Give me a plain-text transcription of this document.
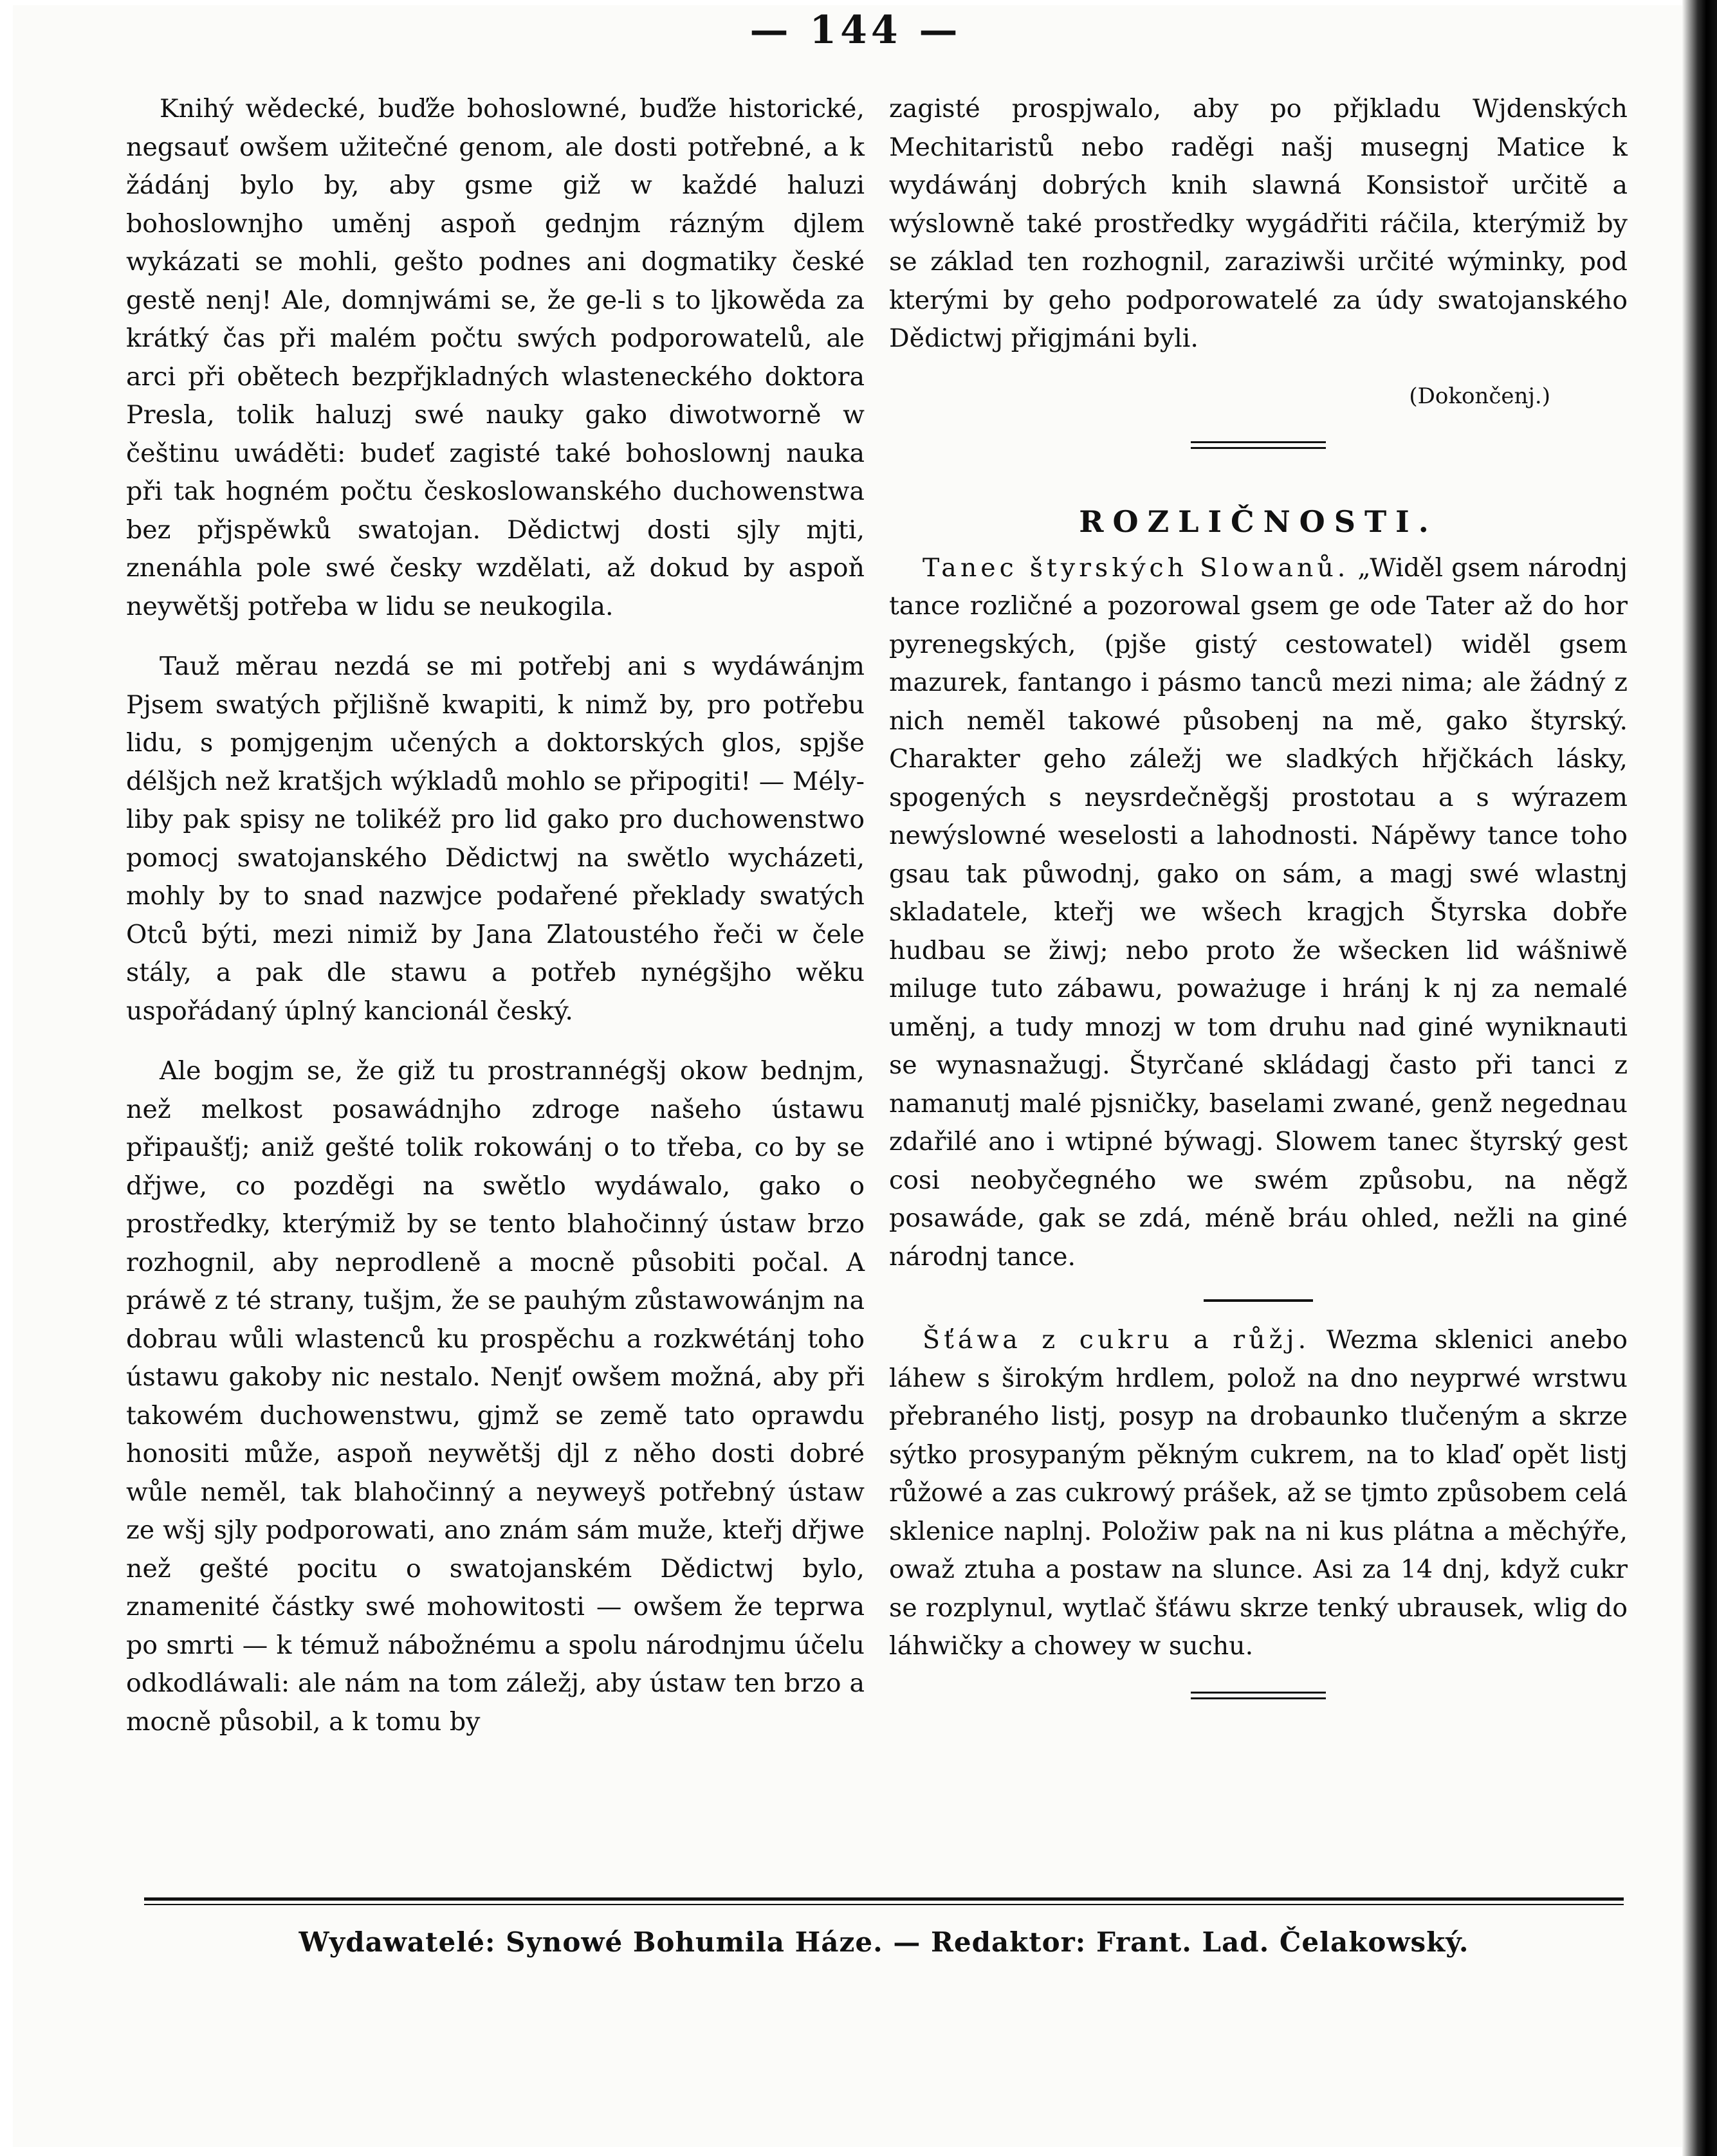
— 144 —

Knihý wědecké, buďže bohoslowné, buďže historické, negsauť owšem užitečné genom, ale dosti potřebné, a k žádánj bylo by, aby gsme giž w každé haluzi bohoslownjho uměnj aspoň gednjm rázným djlem wykázati se mohli, gešto podnes ani dogmatiky české gestě nenj! Ale, domnjwámi se, že ge-li s to ljkowěda za krátký čas při malém počtu swých podporowatelů, ale arci při obětech bezpřjkladných wlasteneckého doktora Presla, tolik haluzj swé nauky gako diwotworně w češtinu uwáděti: budeť zagisté také bohoslownj nauka při tak hogném počtu českoslowanského duchowenstwa bez přjspěwků swatojan. Dědictwj dosti sjly mjti, znenáhla pole swé česky wzdělati, až dokud by aspoň neywětšj potřeba w lidu se neukogila.

Tauž měrau nezdá se mi potřebj ani s wydáwánjm Pjsem swatých přjlišně kwapiti, k nimž by, pro potřebu lidu, s pomjgenjm učených a doktorských glos, spjše délšjch než kratšjch wýkladů mohlo se připogiti! — Mély-liby pak spisy ne tolikéž pro lid gako pro duchowenstwo pomocj swatojanského Dědictwj na swětlo wycházeti, mohly by to snad nazwjce podařené překlady swatých Otců býti, mezi nimiž by Jana Zlatoustého řeči w čele stály, a pak dle stawu a potřeb nynégšjho wěku uspořádaný úplný kancionál český.

Ale bogjm se, že giž tu prostrannégšj okow bednjm, než melkost posawádnjho zdroge našeho ústawu připaušťj; aniž gešté tolik rokowánj o to třeba, co by se dřjwe, co pozděgi na swětlo wydáwalo, gako o prostředky, kterýmiž by se tento blahočinný ústaw brzo rozhognil, aby neprodleně a mocně působiti počal. A práwě z té strany, tušjm, že se pauhým zůstawowánjm na dobrau wůli wlastenců ku prospěchu a rozkwétánj toho ústawu gakoby nic nestalo. Nenjť owšem možná, aby při takowém duchowenstwu, gjmž se země tato oprawdu honositi může, aspoň neywětšj djl z něho dosti dobré wůle neměl, tak blahočinný a neyweyš potřebný ústaw ze wšj sjly podporowati, ano znám sám muže, kteřj dřjwe než gešté pocitu o swatojanském Dědictwj bylo, znamenité částky swé mohowitosti — owšem že teprwa po smrti — k témuž nábožnému a spolu národnjmu účelu odkodláwali: ale nám na tom záležj, aby ústaw ten brzo a mocně působil, a k tomu by

zagisté prospjwalo, aby po přjkladu Wjdenských Mechitaristů nebo raděgi našj musegnj Matice k wydáwánj dobrých knih slawná Konsistoř určitě a wýslowně také prostředky wygádřiti ráčila, kterýmiž by se základ ten rozhognil, zaraziwši určité wýminky, pod kterými by geho podporowatelé za údy swatojanského Dědictwj přigjmáni byli.

(Dokončenj.)
ROZLIČNOSTI.

Tanec štyrských Slowanů. „Widěl gsem národnj tance rozličné a pozorowal gsem ge ode Tater až do hor pyrenegských, (pjše gistý cestowatel) widěl gsem mazurek, fantango i pásmo tanců mezi nima; ale žádný z nich neměl takowé působenj na mě, gako štyrský. Charakter geho záležj we sladkých hřjčkách lásky, spogených s neysrdečněgšj prostotau a s wýrazem newýslowné weselosti a lahodnosti. Nápěwy tance toho gsau tak půwodnj, gako on sám, a magj swé wlastnj skladatele, kteřj we wšech kragjch Štyrska dobře hudbau se žiwj; nebo proto že wšecken lid wášniwě miluge tuto zábawu, poważuge i hránj k nj za nemalé uměnj, a tudy mnozj w tom druhu nad giné wyniknauti se wynasnažugj. Štyrčané skládagj často při tanci z namanutj malé pjsničky, baselami zwané, genž negednau zdařilé ano i wtipné býwagj. Slowem tanec štyrský gest cosi neobyčegného we swém způsobu, na něgž posawáde, gak se zdá, méně bráu ohled, nežli na giné národnj tance.

Šťáwa z cukru a růžj. Wezma sklenici anebo láhew s širokým hrdlem, polož na dno neyprwé wrstwu přebraného listj, posyp na drobaunko tlučeným a skrze sýtko prosypaným pěkným cukrem, na to klaď opět listj růžowé a zas cukrowý prášek, až se tjmto způsobem celá sklenice naplnj. Položiw pak na ni kus plátna a měchýře, owaž ztuha a postaw na slunce. Asi za 14 dnj, když cukr se rozplynul, wytlač šťáwu skrze tenký ubrausek, wlig do láhwičky a chowey w suchu.

Wydawatelé: Synowé Bohumila Háze. — Redaktor: Frant. Lad. Čelakowský.
